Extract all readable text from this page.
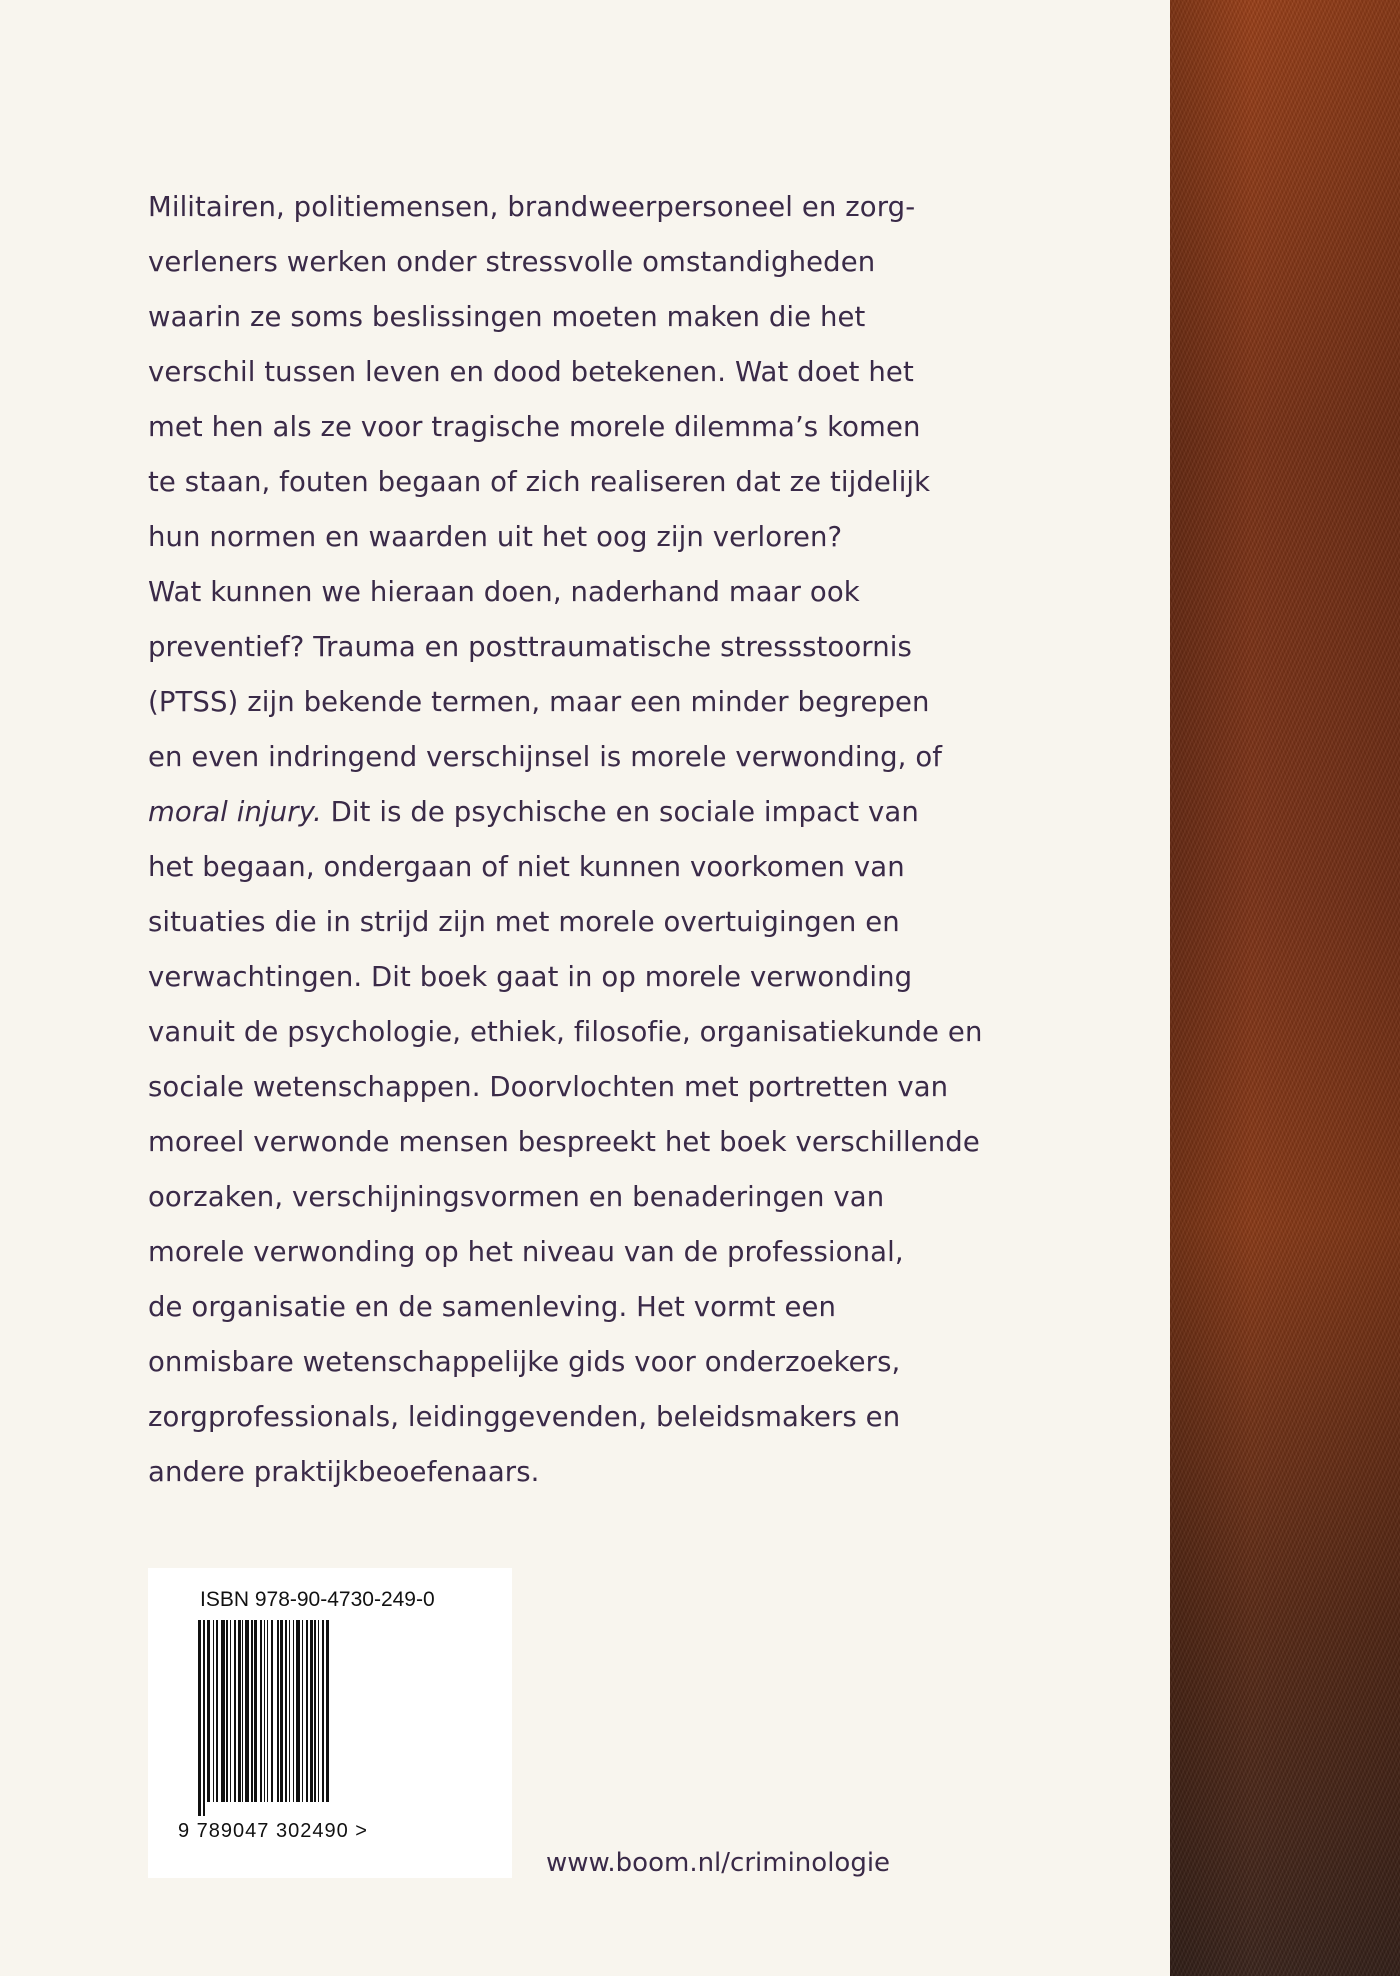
Militairen, politiemensen, brandweerpersoneel en zorg-
verleners werken onder stressvolle omstandigheden
waarin ze soms beslissingen moeten maken die het
verschil tussen leven en dood betekenen. Wat doet het
met hen als ze voor tragische morele dilemma’s komen
te staan, fouten begaan of zich realiseren dat ze tijdelijk
hun normen en waarden uit het oog zijn verloren?
Wat kunnen we hieraan doen, naderhand maar ook
preventief? Trauma en posttraumatische stressstoornis
(PTSS) zijn bekende termen, maar een minder begrepen
en even indringend verschijnsel is morele verwonding, of
moral injury. Dit is de psychische en sociale impact van
het begaan, ondergaan of niet kunnen voorkomen van
situaties die in strijd zijn met morele overtuigingen en
verwachtingen. Dit boek gaat in op morele verwonding
vanuit de psychologie, ethiek, filosofie, organisatiekunde en
sociale wetenschappen. Doorvlochten met portretten van
moreel verwonde mensen bespreekt het boek verschillende
oorzaken, verschijningsvormen en benaderingen van
morele verwonding op het niveau van de professional,
de organisatie en de samenleving. Het vormt een
onmisbare wetenschappelijke gids voor onderzoekers,
zorgprofessionals, leidinggevenden, beleidsmakers en
andere praktijkbeoefenaars.
ISBN 978-90-4730-249-0
9 789047 302490 >
www.boom.nl/criminologie
